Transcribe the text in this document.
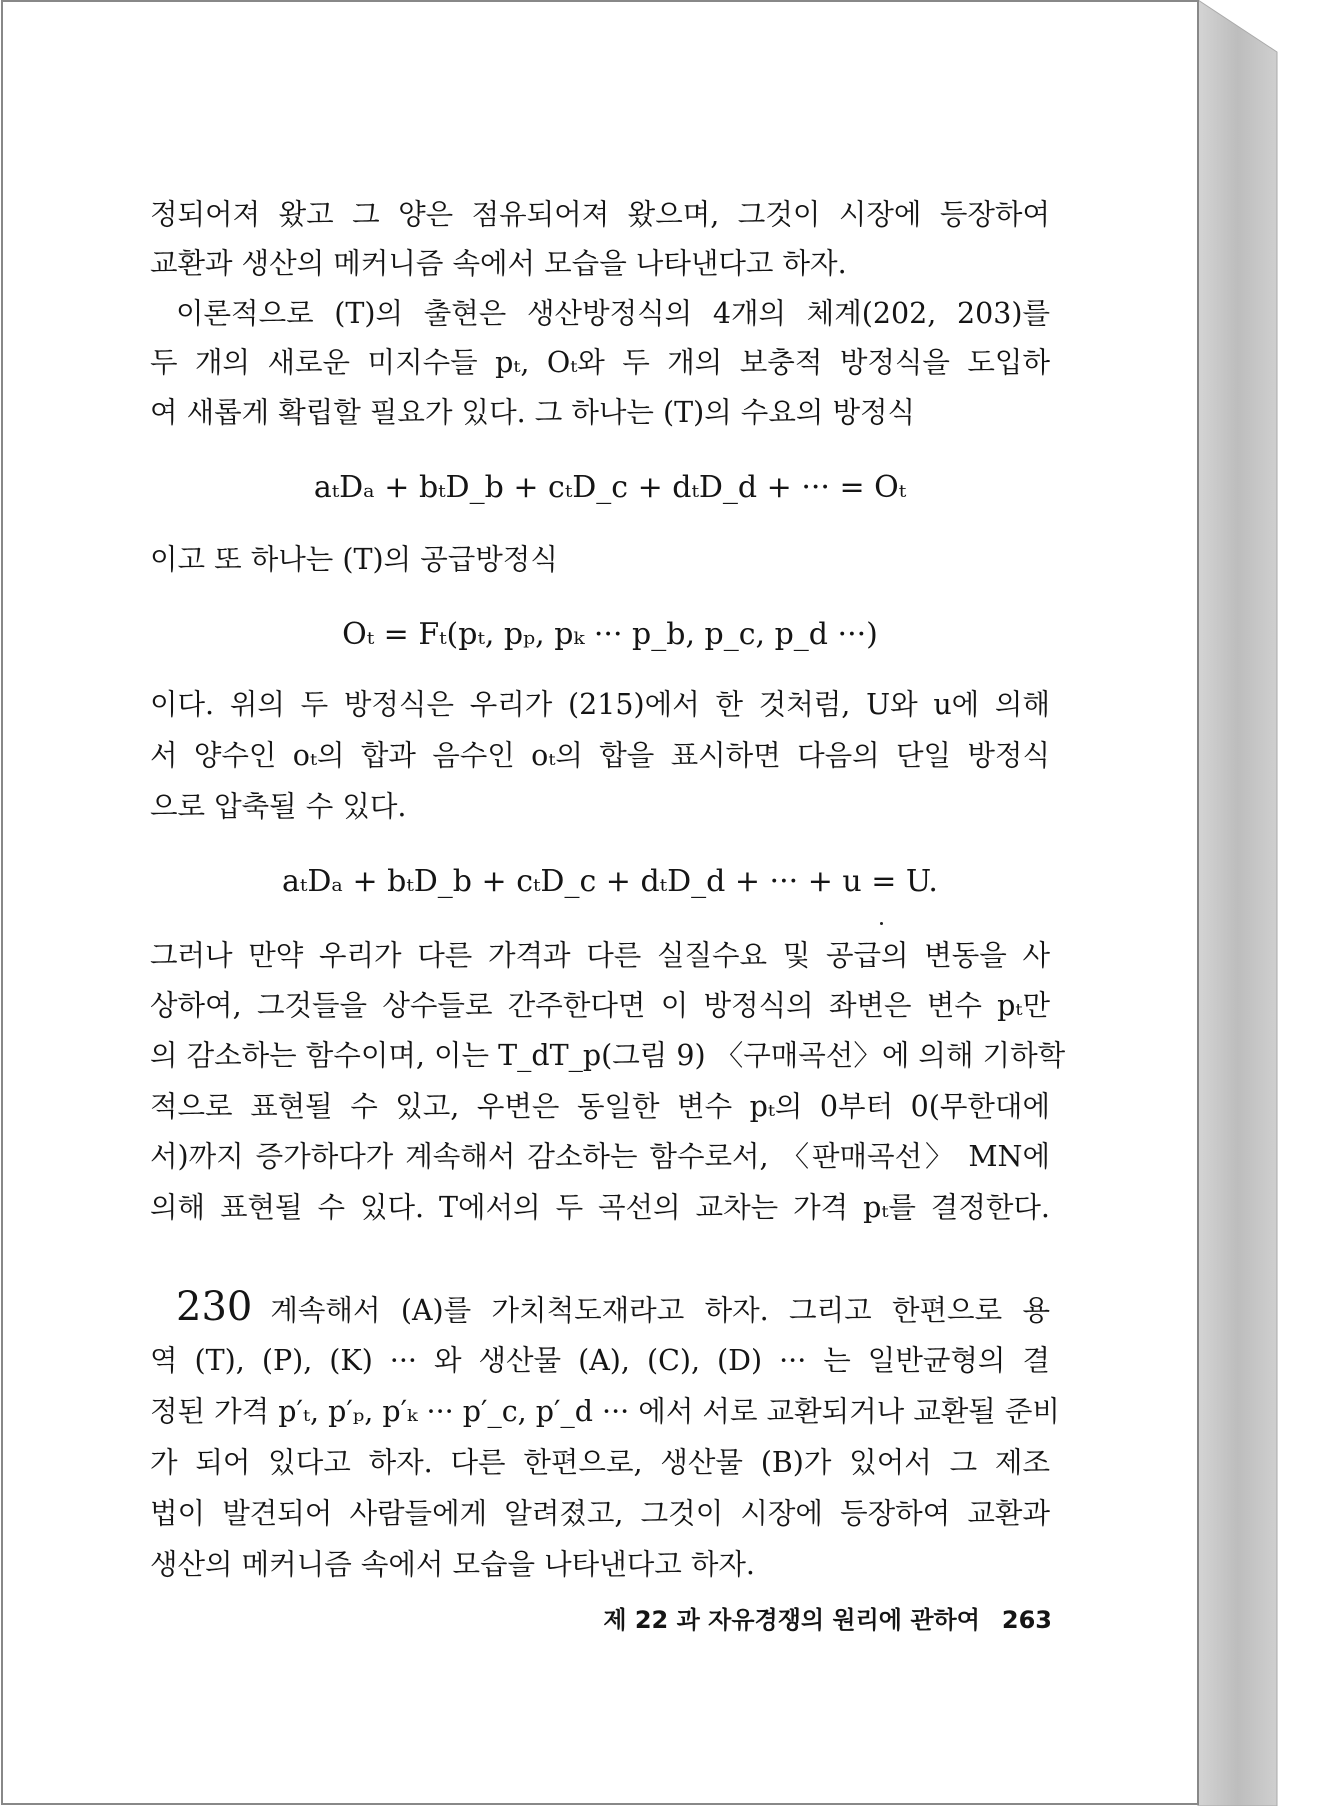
정되어져 왔고 그 양은 점유되어져 왔으며, 그것이 시장에 등장하여
교환과 생산의 메커니즘 속에서 모습을 나타낸다고 하자.
이론적으로 (T)의 출현은 생산방정식의 4개의 체계(202, 203)를
두 개의 새로운 미지수들 pₜ, Oₜ와 두 개의 보충적 방정식을 도입하
여 새롭게 확립할 필요가 있다. 그 하나는 (T)의 수요의 방정식
aₜDₐ + bₜD_b + cₜD_c + dₜD_d + ··· = Oₜ
이고 또 하나는 (T)의 공급방정식
Oₜ = Fₜ(pₜ, pₚ, pₖ ··· p_b, p_c, p_d ···)
이다. 위의 두 방정식은 우리가 (215)에서 한 것처럼, U와 u에 의해
서 양수인 oₜ의 합과 음수인 oₜ의 합을 표시하면 다음의 단일 방정식
으로 압축될 수 있다.
aₜDₐ + bₜD_b + cₜD_c + dₜD_d + ··· + u = U.
그러나 만약 우리가 다른 가격과 다른 실질수요 및 공급의 변동을 사
상하여, 그것들을 상수들로 간주한다면 이 방정식의 좌변은 변수 pₜ만
의 감소하는 함수이며, 이는 T_dT_p(그림 9) 〈구매곡선〉에 의해 기하학
적으로 표현될 수 있고, 우변은 동일한 변수 pₜ의 0부터 0(무한대에
서)까지 증가하다가 계속해서 감소하는 함수로서, 〈판매곡선〉 MN에
의해 표현될 수 있다. T에서의 두 곡선의 교차는 가격 pₜ를 결정한다.
230 계속해서 (A)를 가치척도재라고 하자. 그리고 한편으로 용
역 (T), (P), (K) ··· 와 생산물 (A), (C), (D) ··· 는 일반균형의 결
정된 가격 p′ₜ, p′ₚ, p′ₖ ··· p′_c, p′_d ··· 에서 서로 교환되거나 교환될 준비
가 되어 있다고 하자. 다른 한편으로, 생산물 (B)가 있어서 그 제조
법이 발견되어 사람들에게 알려졌고, 그것이 시장에 등장하여 교환과
생산의 메커니즘 속에서 모습을 나타낸다고 하자.
제 22 과 자유경쟁의 원리에 관하여 263
